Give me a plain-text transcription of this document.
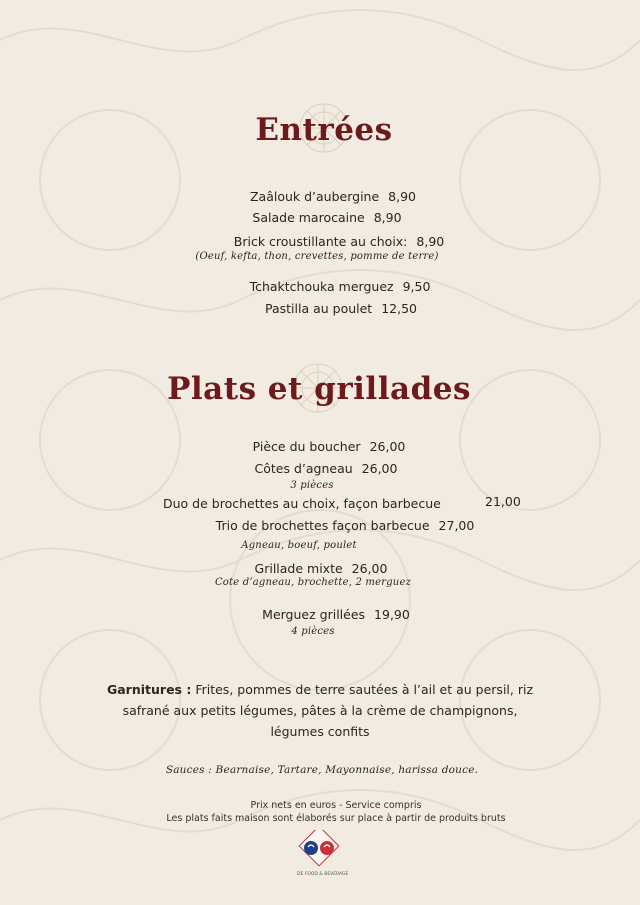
Entrées
Zaâlouk d’aubergine 8,90
Salade marocaine 8,90
Brick croustillante au choix: 8,90
(Oeuf, kefta, thon, crevettes, pomme de terre)
Tchaktchouka merguez 9,50
Pastilla au poulet 12,50
Plats et grillades
Pièce du boucher 26,00
Côtes d’agneau 26,00
3 pièces
Duo de brochettes au choix, façon barbecue	21,00
Trio de brochettes façon barbecue 27,00
Agneau, boeuf, poulet
Grillade mixte 26,00
Cote d’agneau, brochette, 2 merguez
Merguez grillées 19,90
4 pièces
Garnitures : Frites, pommes de terre sautées à l’ail et au persil, riz
safrané aux petits légumes, pâtes à la crème de champignons,
légumes confits
Sauces : Bearnaise, Tartare, Mayonnaise, harissa douce.
Prix nets en euros - Service compris
Les plats faits maison sont élaborés sur place à partir de produits bruts
DE FOOD & BEVERAGE
